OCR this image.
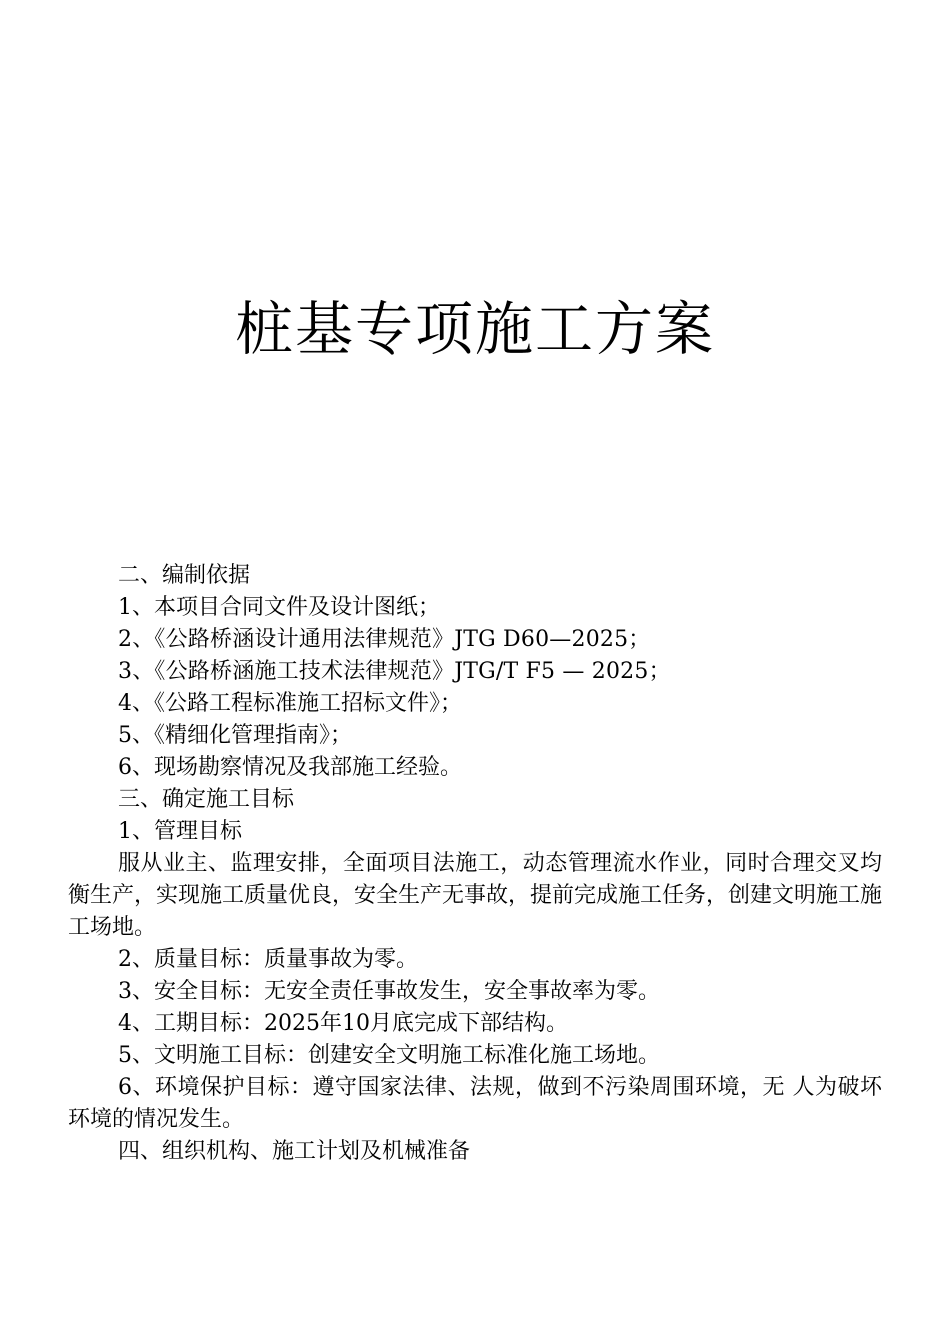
桩基专项施工方案

二、编制依据

1、本项目合同文件及设计图纸；

2、《公路桥涵设计通用法律规范》JTG D60—2025；

3、《公路桥涵施工技术法律规范》JTG/T F5 — 2025；

4、《公路工程标准施工招标文件》；

5、《精细化管理指南》；

6、现场勘察情况及我部施工经验。

三、确定施工目标

1、管理目标

服从业主、监理安排，全面项目法施工，动态管理流水作业，同时合理交叉均衡生产，实现施工质量优良，安全生产无事故，提前完成施工任务，创建文明施工施工场地。

2、质量目标：质量事故为零。

3、安全目标：无安全责任事故发生，安全事故率为零。

4、工期目标：2025年10月底完成下部结构。

5、文明施工目标：创建安全文明施工标准化施工场地。

6、环境保护目标：遵守国家法律、法规，做到不污染周围环境，无 人为破坏环境的情况发生。

四、组织机构、施工计划及机械准备
